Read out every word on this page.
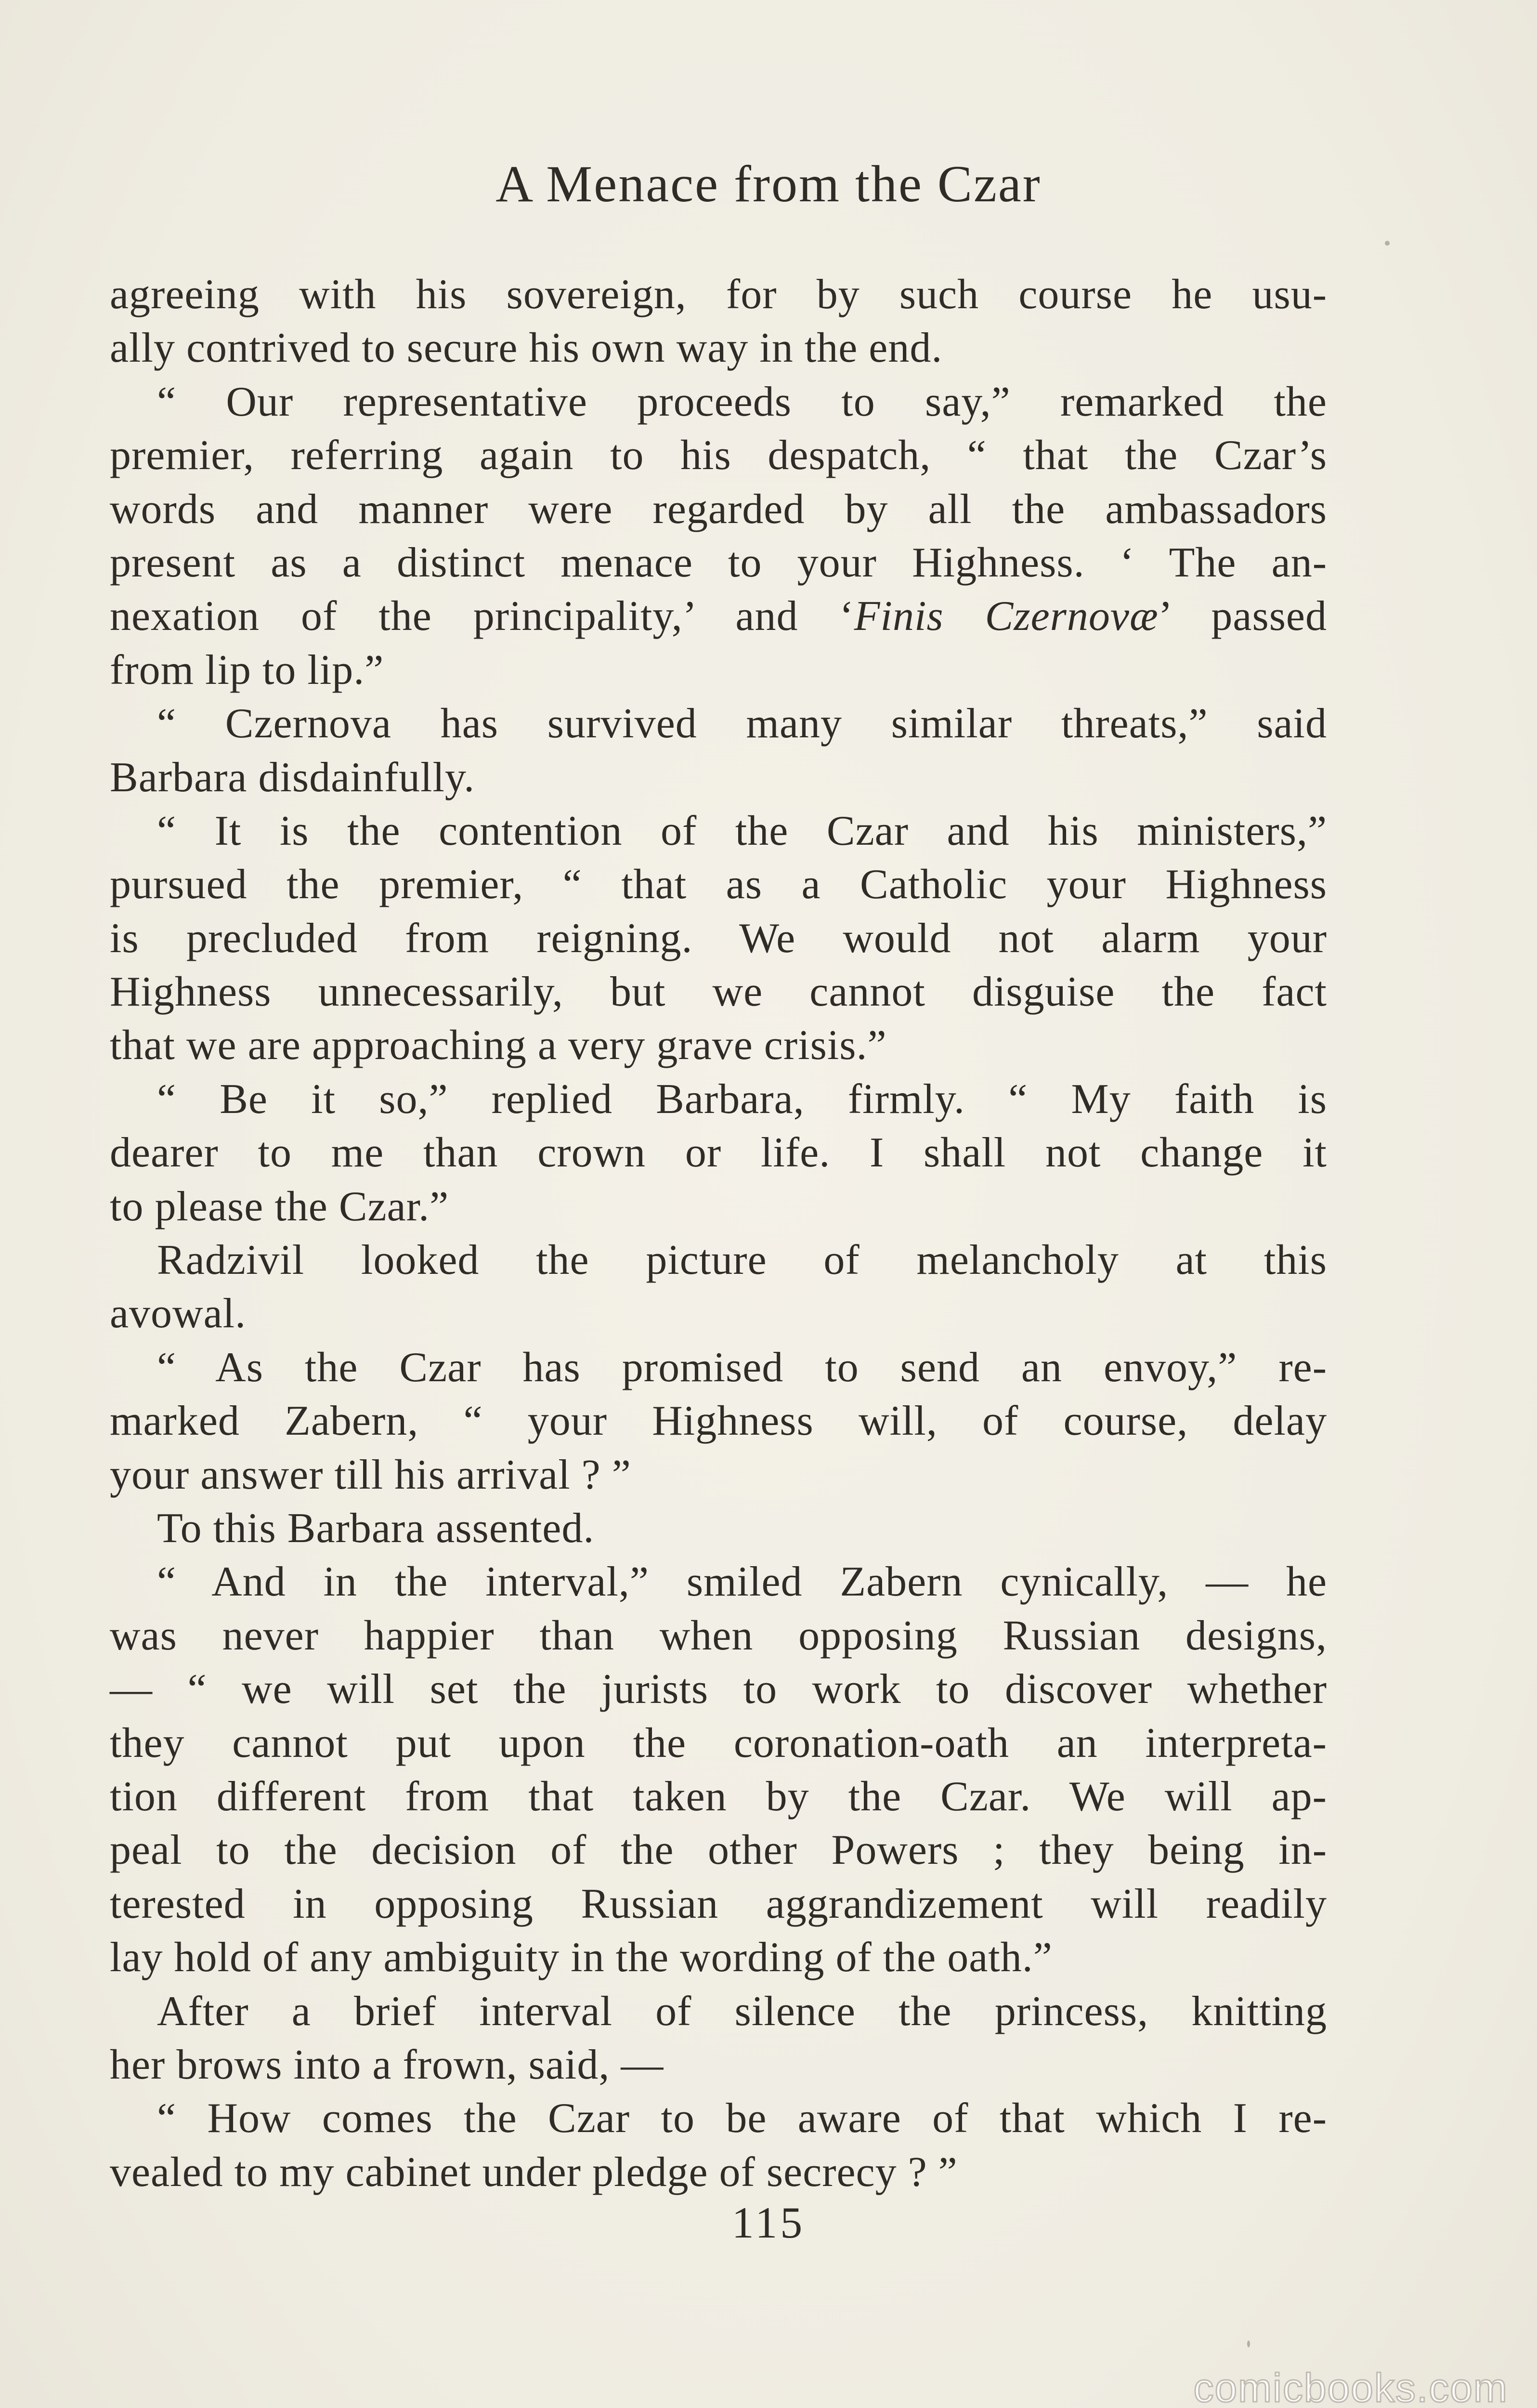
A Menace from the Czar
agreeing with his sovereign, for by such course he usu-
ally contrived to secure his own way in the end.
“ Our representative proceeds to say,” remarked the
premier, referring again to his despatch, “ that the Czar’s
words and manner were regarded by all the ambassadors
present as a distinct menace to your Highness. ‘ The an-
nexation of the principality,’ and ‘Finis Czernovæ’ passed
from lip to lip.”
“ Czernova has survived many similar threats,” said
Barbara disdainfully.
“ It is the contention of the Czar and his ministers,”
pursued the premier, “ that as a Catholic your Highness
is precluded from reigning. We would not alarm your
Highness unnecessarily, but we cannot disguise the fact
that we are approaching a very grave crisis.”
“ Be it so,” replied Barbara, firmly. “ My faith is
dearer to me than crown or life. I shall not change it
to please the Czar.”
Radzivil looked the picture of melancholy at this
avowal.
“ As the Czar has promised to send an envoy,” re-
marked Zabern, “ your Highness will, of course, delay
your answer till his arrival ? ”
To this Barbara assented.
“ And in the interval,” smiled Zabern cynically, — he
was never happier than when opposing Russian designs,
— “ we will set the jurists to work to discover whether
they cannot put upon the coronation-oath an interpreta-
tion different from that taken by the Czar. We will ap-
peal to the decision of the other Powers ; they being in-
terested in opposing Russian aggrandizement will readily
lay hold of any ambiguity in the wording of the oath.”
After a brief interval of silence the princess, knitting
her brows into a frown, said, —
“ How comes the Czar to be aware of that which I re-
vealed to my cabinet under pledge of secrecy ? ”
115
comicbooks.com
